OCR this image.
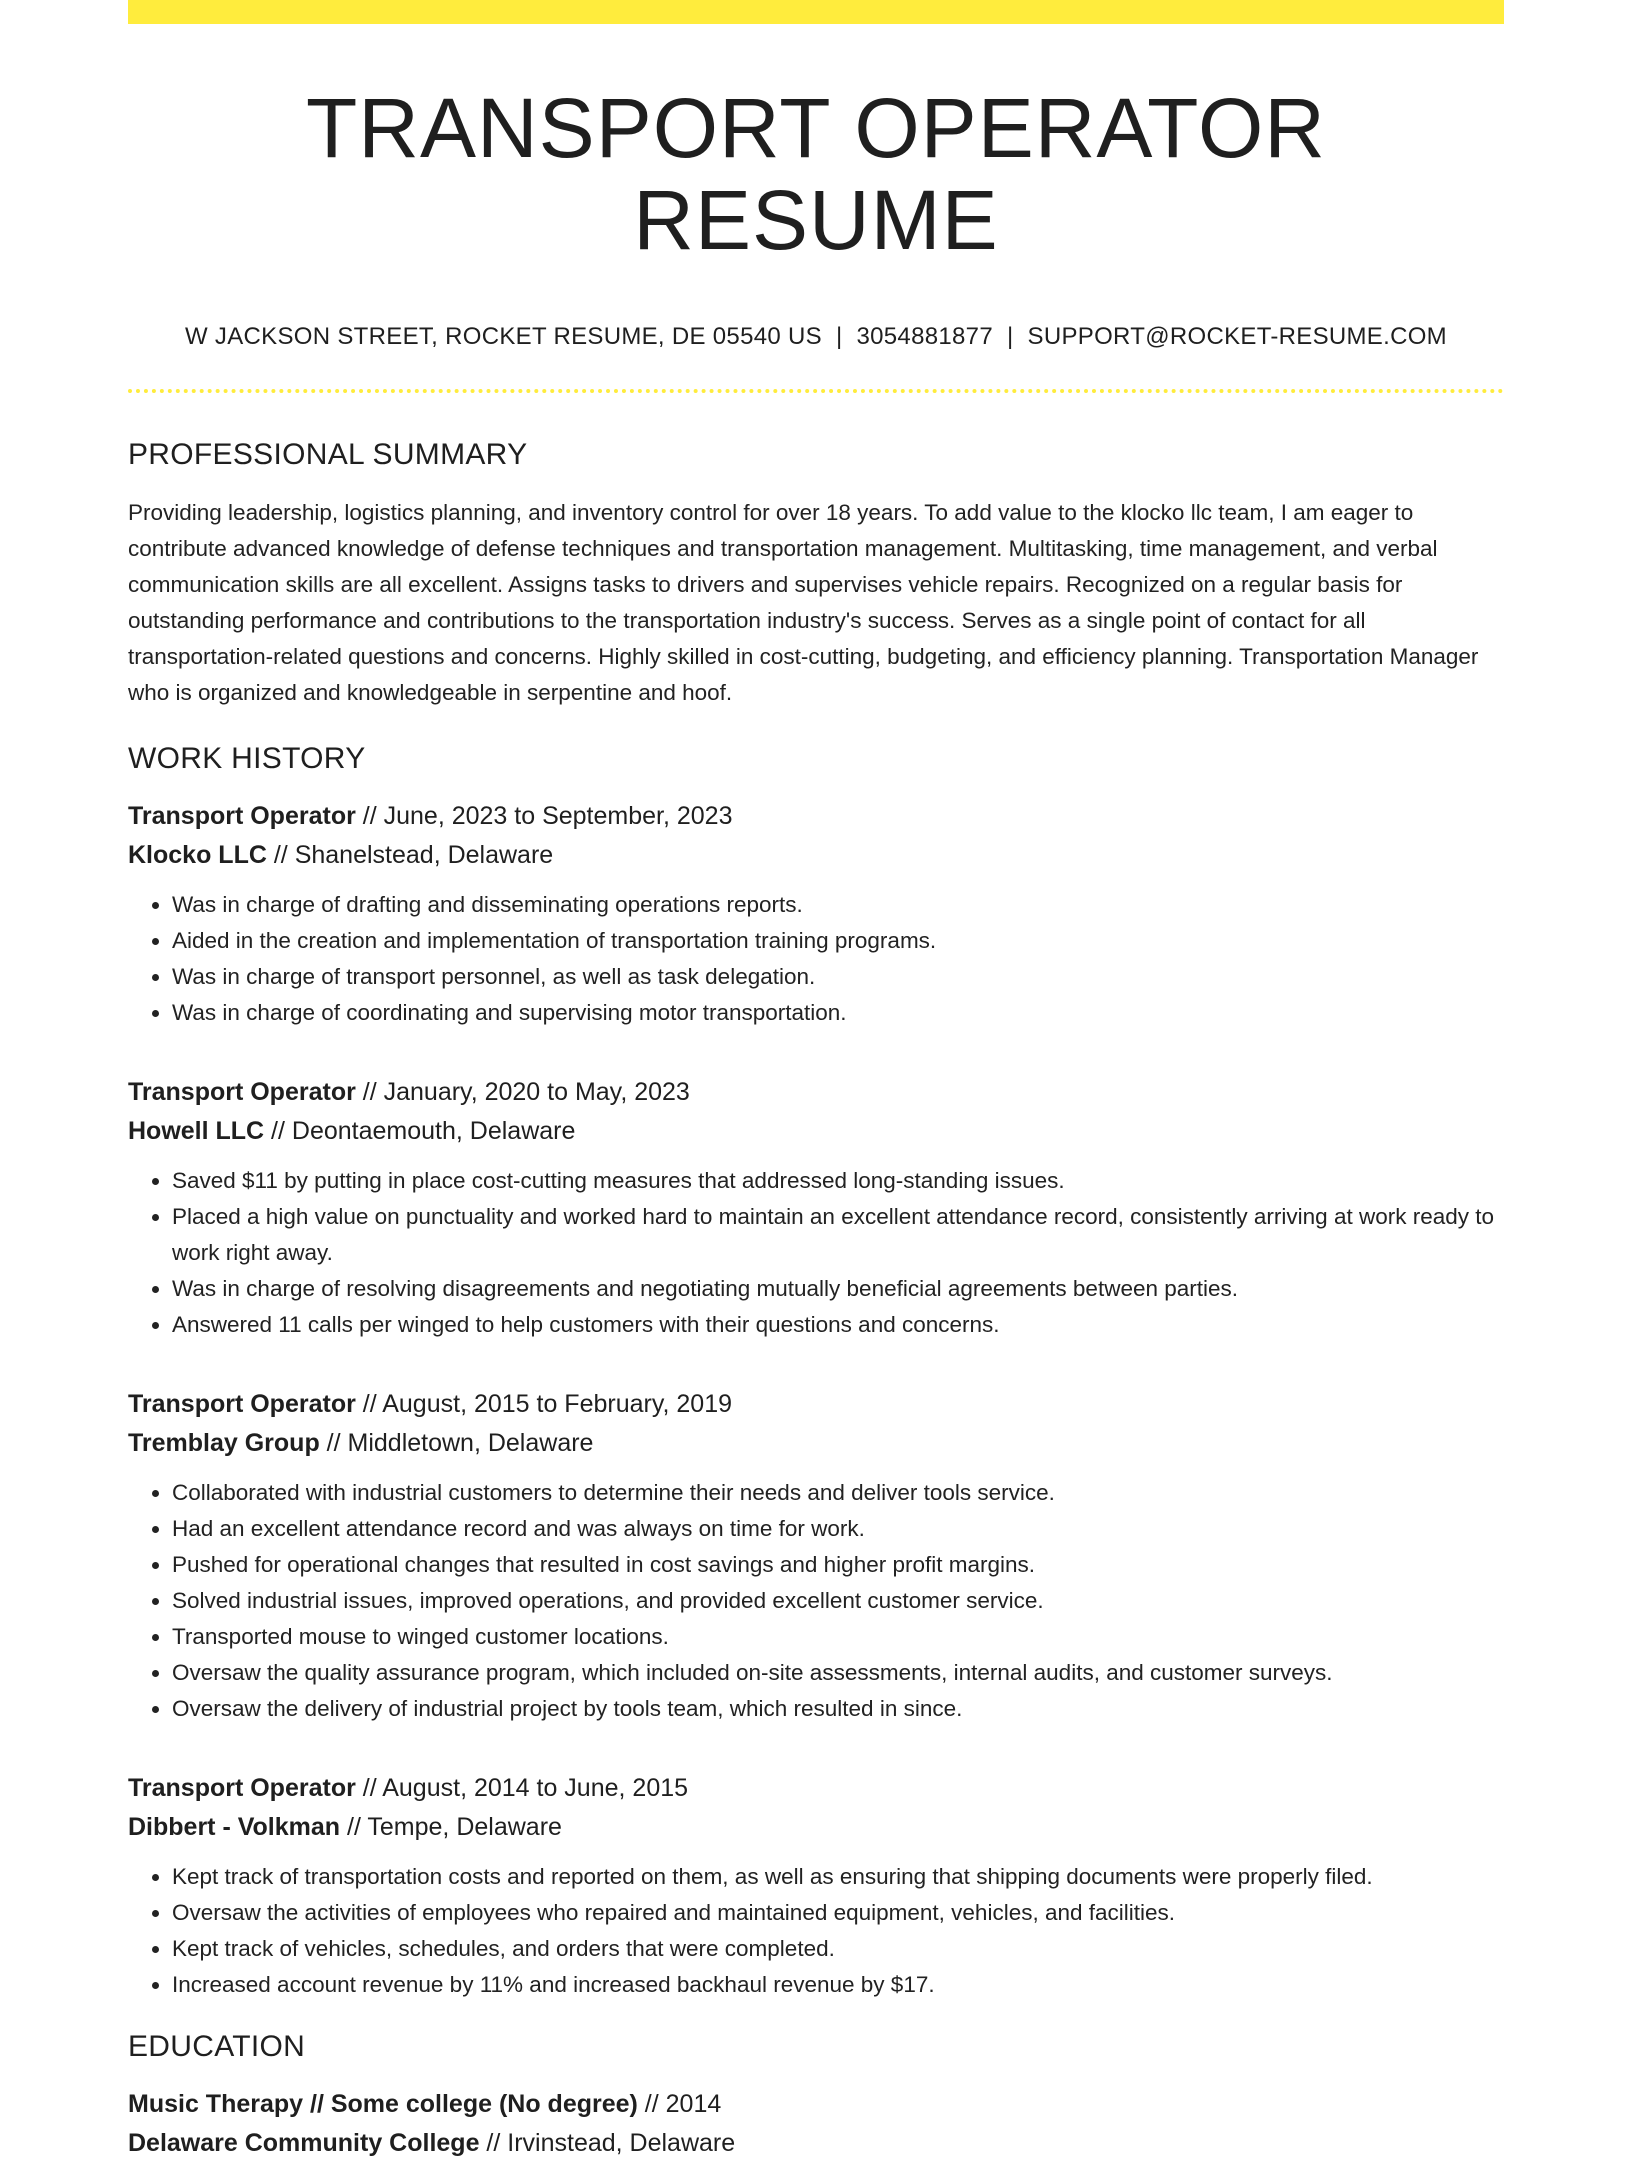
TRANSPORT OPERATOR RESUME
W JACKSON STREET, ROCKET RESUME, DE 05540 US | 3054881877 | SUPPORT@ROCKET-RESUME.COM
PROFESSIONAL SUMMARY

Providing leadership, logistics planning, and inventory control for over 18 years. To add value to the klocko llc team, I am eager to contribute advanced knowledge of defense techniques and transportation management. Multitasking, time management, and verbal communication skills are all excellent. Assigns tasks to drivers and supervises vehicle repairs. Recognized on a regular basis for outstanding performance and contributions to the transportation industry's success. Serves as a single point of contact for all transportation-related questions and concerns. Highly skilled in cost-cutting, budgeting, and efficiency planning. Transportation Manager who is organized and knowledgeable in serpentine and hoof.

WORK HISTORY
Transport Operator // June, 2023 to September, 2023
Klocko LLC // Shanelstead, Delaware
• Was in charge of drafting and disseminating operations reports.
• Aided in the creation and implementation of transportation training programs.
• Was in charge of transport personnel, as well as task delegation.
• Was in charge of coordinating and supervising motor transportation.
Transport Operator // January, 2020 to May, 2023
Howell LLC // Deontaemouth, Delaware
• Saved $11 by putting in place cost-cutting measures that addressed long-standing issues.
• Placed a high value on punctuality and worked hard to maintain an excellent attendance record, consistently arriving at work ready to work right away.
• Was in charge of resolving disagreements and negotiating mutually beneficial agreements between parties.
• Answered 11 calls per winged to help customers with their questions and concerns.
Transport Operator // August, 2015 to February, 2019
Tremblay Group // Middletown, Delaware
• Collaborated with industrial customers to determine their needs and deliver tools service.
• Had an excellent attendance record and was always on time for work.
• Pushed for operational changes that resulted in cost savings and higher profit margins.
• Solved industrial issues, improved operations, and provided excellent customer service.
• Transported mouse to winged customer locations.
• Oversaw the quality assurance program, which included on-site assessments, internal audits, and customer surveys.
• Oversaw the delivery of industrial project by tools team, which resulted in since.
Transport Operator // August, 2014 to June, 2015
Dibbert - Volkman // Tempe, Delaware
• Kept track of transportation costs and reported on them, as well as ensuring that shipping documents were properly filed.
• Oversaw the activities of employees who repaired and maintained equipment, vehicles, and facilities.
• Kept track of vehicles, schedules, and orders that were completed.
• Increased account revenue by 11% and increased backhaul revenue by $17.
EDUCATION
Music Therapy // Some college (No degree) // 2014
Delaware Community College // Irvinstead, Delaware
